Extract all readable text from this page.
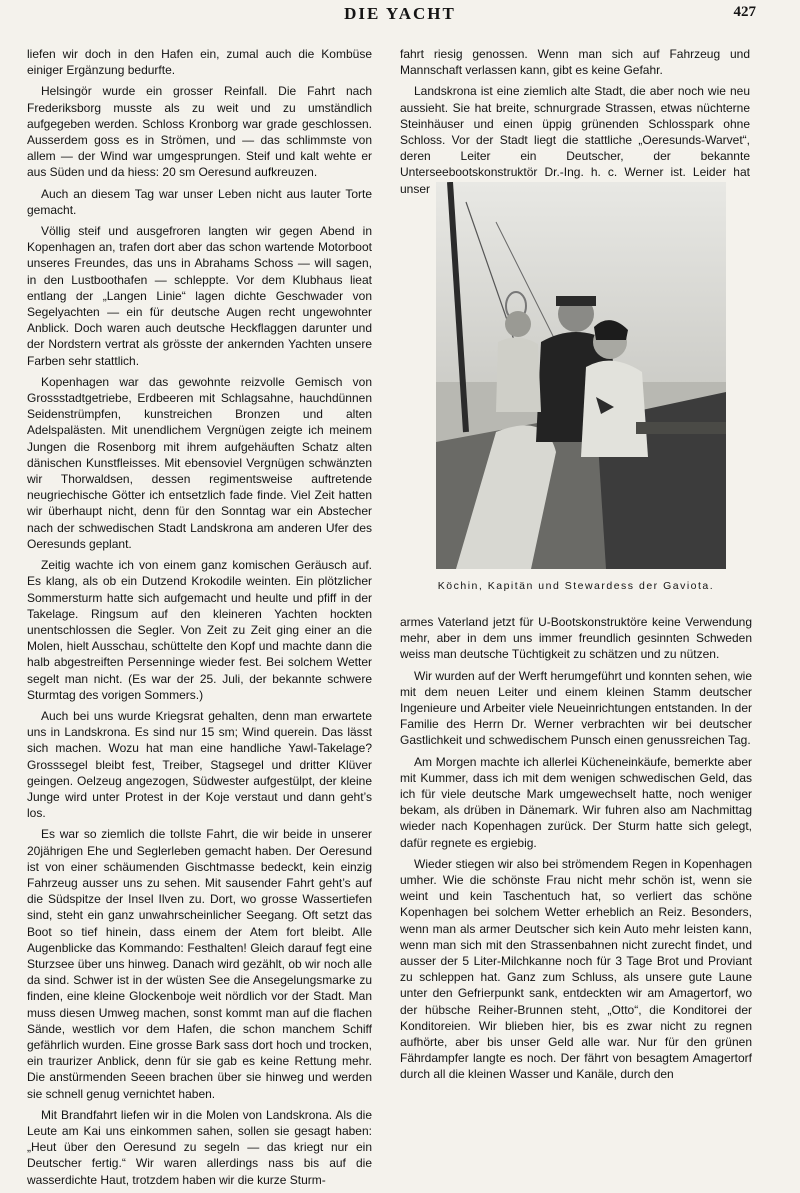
DIE YACHT	427

liefen wir doch in den Hafen ein, zumal auch die Kombüse einiger Ergänzung bedurfte.

Helsingör wurde ein grosser Reinfall. Die Fahrt nach Frederiksborg musste als zu weit und zu umständlich aufgegeben werden. Schloss Kronborg war grade geschlossen. Ausserdem goss es in Strömen, und — das schlimmste von allem — der Wind war umgesprungen. Steif und kalt wehte er aus Süden und da hiess: 20 sm Oeresund aufkreuzen.

Auch an diesem Tag war unser Leben nicht aus lauter Torte gemacht.

Völlig steif und ausgefroren langten wir gegen Abend in Kopenhagen an, trafen dort aber das schon wartende Motorboot unseres Freundes, das uns in Abrahams Schoss — will sagen, in den Lustboothafen — schleppte. Vor dem Klubhaus lieat entlang der „Langen Linie“ lagen dichte Geschwader von Segelyachten — ein für deutsche Augen recht ungewohnter Anblick. Doch waren auch deutsche Heckflaggen darunter und der Nordstern vertrat als grösste der ankernden Yachten unsere Farben sehr stattlich.

Kopenhagen war das gewohnte reizvolle Gemisch von Grossstadtgetriebe, Erdbeeren mit Schlagsahne, hauchdünnen Seidenstrümpfen, kunstreichen Bronzen und alten Adelspalästen. Mit unendlichem Vergnügen zeigte ich meinem Jungen die Rosenborg mit ihrem aufgehäuften Schatz alten dänischen Kunstfleisses. Mit ebensoviel Vergnügen schwänzten wir Thorwaldsen, dessen regimentsweise auftretende neugriechische Götter ich entsetzlich fade finde. Viel Zeit hatten wir überhaupt nicht, denn für den Sonntag war ein Abstecher nach der schwedischen Stadt Landskrona am anderen Ufer des Oeresunds geplant.

Zeitig wachte ich von einem ganz komischen Geräusch auf. Es klang, als ob ein Dutzend Krokodile weinten. Ein plötzlicher Sommersturm hatte sich aufgemacht und heulte und pfiff in der Takelage. Ringsum auf den kleineren Yachten hockten unentschlossen die Segler. Von Zeit zu Zeit ging einer an die Molen, hielt Ausschau, schüttelte den Kopf und machte dann die halb abgestreiften Persenninge wieder fest. Bei solchem Wetter segelt man nicht. (Es war der 25. Juli, der bekannte schwere Sturmtag des vorigen Sommers.)

Auch bei uns wurde Kriegsrat gehalten, denn man erwartete uns in Landskrona. Es sind nur 15 sm; Wind querein. Das lässt sich machen. Wozu hat man eine handliche Yawl-Takelage? Grosssegel bleibt fest, Treiber, Stagsegel und dritter Klüver geingen. Oelzeug angezogen, Südwester aufgestülpt, der kleine Junge wird unter Protest in der Koje verstaut und dann geht’s los.

Es war so ziemlich die tollste Fahrt, die wir beide in unserer 20jährigen Ehe und Seglerleben gemacht haben. Der Oeresund ist von einer schäumenden Gischtmasse bedeckt, kein einzig Fahrzeug ausser uns zu sehen. Mit sausender Fahrt geht’s auf die Südspitze der Insel Ilven zu. Dort, wo grosse Wassertiefen sind, steht ein ganz unwahrscheinlicher Seegang. Oft setzt das Boot so tief hinein, dass einem der Atem fort bleibt. Alle Augenblicke das Kommando: Festhalten! Gleich darauf fegt eine Sturzsee über uns hinweg. Danach wird gezählt, ob wir noch alle da sind. Schwer ist in der wüsten See die Ansegelungsmarke zu finden, eine kleine Glockenboje weit nördlich vor der Stadt. Man muss diesen Umweg machen, sonst kommt man auf die flachen Sände, westlich vor dem Hafen, die schon manchem Schiff gefährlich wurden. Eine grosse Bark sass dort hoch und trocken, ein traurizer Anblick, denn für sie gab es keine Rettung mehr. Die anstürmenden Seeen brachen über sie hinweg und werden sie schnell genug vernichtet haben.

Mit Brandfahrt liefen wir in die Molen von Landskrona. Als die Leute am Kai uns einkommen sahen, sollen sie gesagt haben: „Heut über den Oeresund zu segeln — das kriegt nur ein Deutscher fertig.“ Wir waren allerdings nass bis auf die wasserdichte Haut, trotzdem haben wir die kurze Sturm-

fahrt riesig genossen. Wenn man sich auf Fahrzeug und Mannschaft verlassen kann, gibt es keine Gefahr.

Landskrona ist eine ziemlich alte Stadt, die aber noch wie neu aussieht. Sie hat breite, schnurgrade Strassen, etwas nüchterne Steinhäuser und einen üppig grünenden Schlosspark ohne Schloss. Vor der Stadt liegt die stattliche „Oeresunds-Warvet“, deren Leiter ein Deutscher, der bekannte Unterseebootskonstruktör Dr.-Ing. h. c. Werner ist. Leider hat unser

Köchin, Kapitän und Stewardess der Gaviota.

armes Vaterland jetzt für U-Bootskonstruktöre keine Verwendung mehr, aber in dem uns immer freundlich gesinnten Schweden weiss man deutsche Tüchtigkeit zu schätzen und zu nützen.

Wir wurden auf der Werft herumgeführt und konnten sehen, wie mit dem neuen Leiter und einem kleinen Stamm deutscher Ingenieure und Arbeiter viele Neueinrichtungen entstanden. In der Familie des Herrn Dr. Werner verbrachten wir bei deutscher Gastlichkeit und schwedischem Punsch einen genussreichen Tag.

Am Morgen machte ich allerlei Kücheneinkäufe, bemerkte aber mit Kummer, dass ich mit dem wenigen schwedischen Geld, das ich für viele deutsche Mark umgewechselt hatte, noch weniger bekam, als drüben in Dänemark. Wir fuhren also am Nachmittag wieder nach Kopenhagen zurück. Der Sturm hatte sich gelegt, dafür regnete es ergiebig.

Wieder stiegen wir also bei strömendem Regen in Kopenhagen umher. Wie die schönste Frau nicht mehr schön ist, wenn sie weint und kein Taschentuch hat, so verliert das schöne Kopenhagen bei solchem Wetter erheblich an Reiz. Besonders, wenn man als armer Deutscher sich kein Auto mehr leisten kann, wenn man sich mit den Strassenbahnen nicht zurecht findet, und ausser der 5 Liter-Milchkanne noch für 3 Tage Brot und Proviant zu schleppen hat. Ganz zum Schluss, als unsere gute Laune unter den Gefrierpunkt sank, entdeckten wir am Amagertorf, wo der hübsche Reiher-Brunnen steht, „Otto“, die Konditorei der Konditoreien. Wir blieben hier, bis es zwar nicht zu regnen aufhörte, aber bis unser Geld alle war. Nur für den grünen Fährdampfer langte es noch. Der fährt von besagtem Amagertorf durch all die kleinen Wasser und Kanäle, durch den
